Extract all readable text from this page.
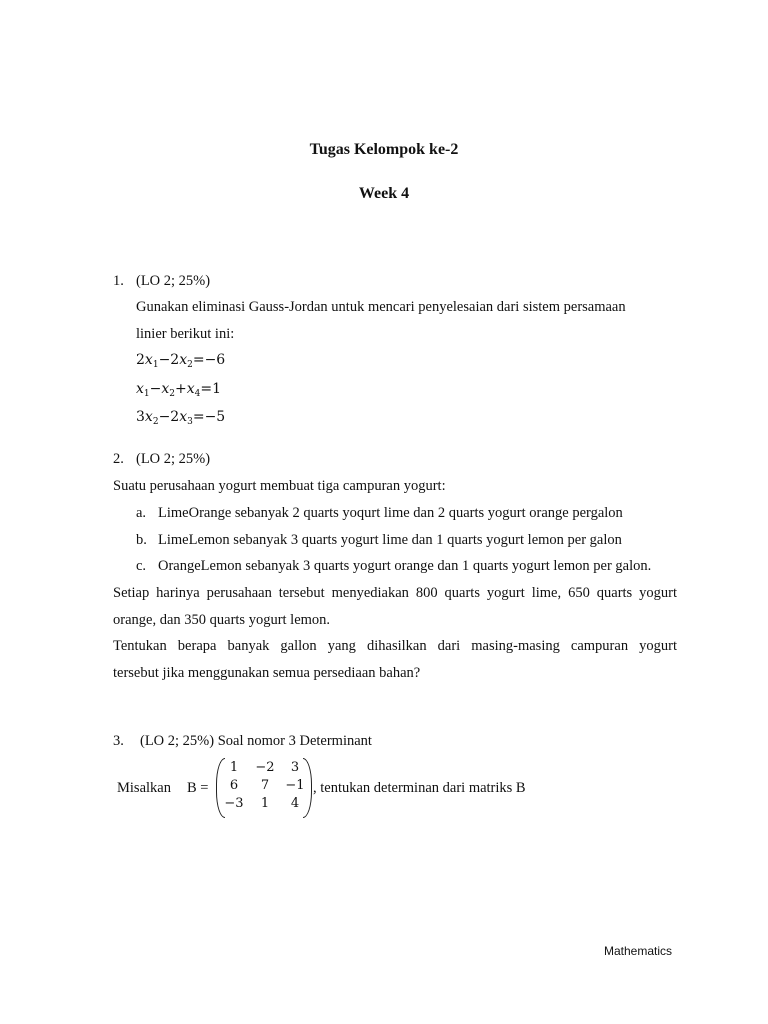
Tugas Kelompok ke-2
Week 4
1. (LO 2; 25%)
Gunakan eliminasi Gauss-Jordan untuk mencari penyelesaian dari sistem persamaan
linier berikut ini:
$2x_1-2x_2=-6$
$x_1-x_2+x_4=1$
$3x_2-2x_3=-5$
2. (LO 2; 25%)
Suatu perusahaan yogurt membuat tiga campuran yogurt:
a. LimeOrange sebanyak 2 quarts yoqurt lime dan 2 quarts yogurt orange pergalon
b. LimeLemon sebanyak 3 quarts yogurt lime dan 1 quarts yogurt lemon per galon
c. OrangeLemon sebanyak 3 quarts yogurt orange dan 1 quarts yogurt lemon per galon.
Setiap harinya perusahaan tersebut menyediakan 800 quarts yogurt lime, 650 quarts yogurt
orange, dan 350 quarts yogurt lemon.
Tentukan berapa banyak gallon yang dihasilkan dari masing-masing campuran yogurt
tersebut jika menggunakan semua persediaan bahan?
3. (LO 2; 25%) Soal nomor 3 Determinant
Misalkan B =
1	−2	3
6	7	−1
−3	1	4
, tentukan determinan dari matriks B
Mathematics
